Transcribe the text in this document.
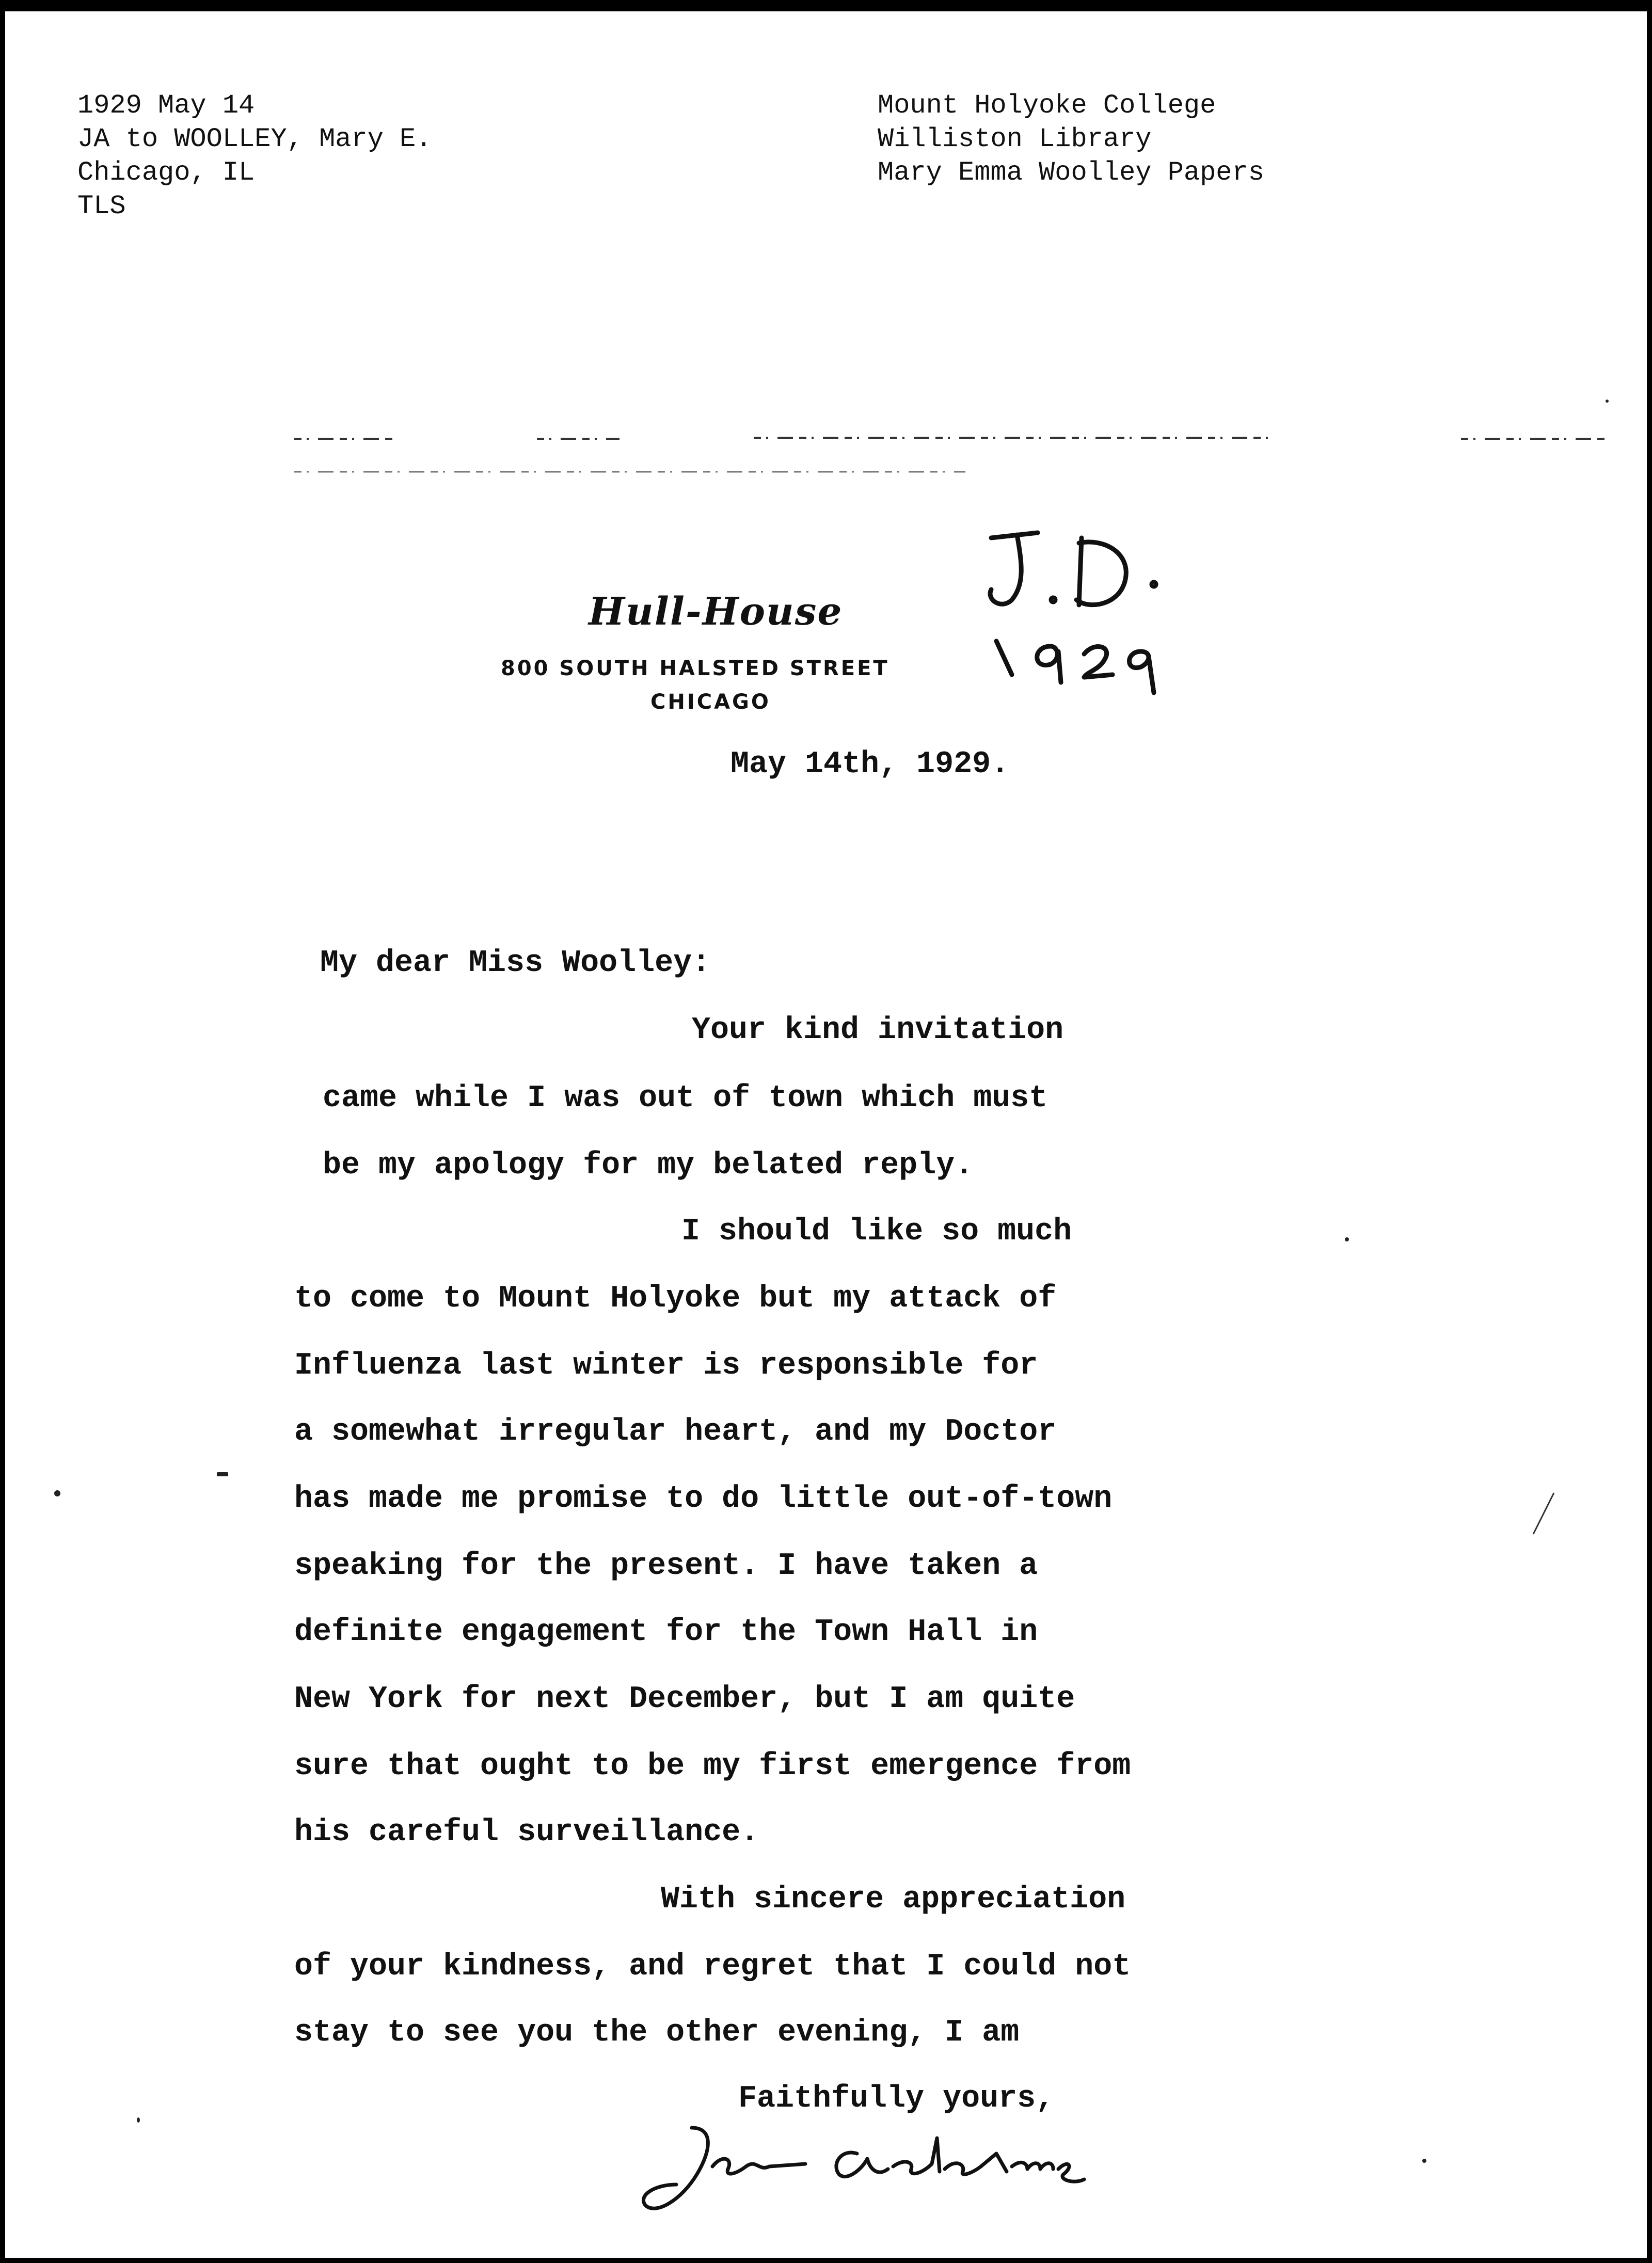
1929 May 14
JA to WOOLLEY, Mary E.
Chicago, IL
TLS
Mount Holyoke College
Williston Library
Mary Emma Woolley Papers
Hull-House
800 SOUTH HALSTED STREET
CHICAGO
May 14th, 1929.
My dear Miss Woolley:
Your kind invitation
came while I was out of town which must
be my apology for my belated reply.
I should like so much
to come to Mount Holyoke but my attack of
Influenza last winter is responsible for
a somewhat irregular heart, and my Doctor
has made me promise to do little out-of-town
speaking for the present. I have taken a
definite engagement for the Town Hall in
New York for next December, but I am quite
sure that ought to be my first emergence from
his careful surveillance.
With sincere appreciation
of your kindness, and regret that I could not
stay to see you the other evening, I am
Faithfully yours,
